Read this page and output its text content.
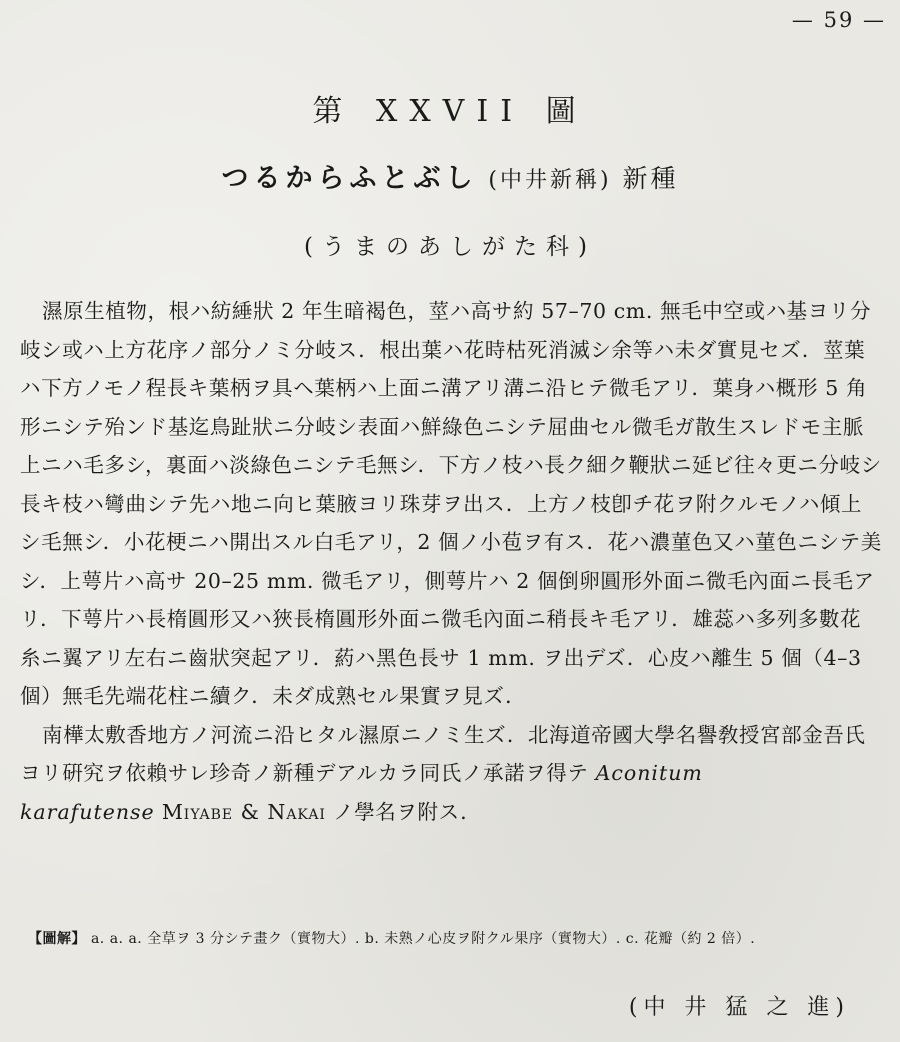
— 59 —
第 XXVII 圖
つるからふとぶし (中井新稱) 新種
(うまのあしがた科)

濕原生植物，根ハ紡綞狀 2 年生暗褐色，莖ハ高サ約 57–70 cm. 無毛中空或ハ基ヨリ分岐シ或ハ上方花序ノ部分ノミ分岐ス．根出葉ハ花時枯死消滅シ余等ハ未ダ實見セズ．莖葉ハ下方ノモノ程長キ葉柄ヲ具ヘ葉柄ハ上面ニ溝アリ溝ニ沿ヒテ微毛アリ．葉身ハ概形 5 角形ニシテ殆ンド基迄鳥趾狀ニ分岐シ表面ハ鮮綠色ニシテ屈曲セル微毛ガ散生スレドモ主脈上ニハ毛多シ，裏面ハ淡綠色ニシテ毛無シ．下方ノ枝ハ長ク細ク鞭狀ニ延ビ往々更ニ分岐シ長キ枝ハ彎曲シテ先ハ地ニ向ヒ葉腋ヨリ珠芽ヲ出ス．上方ノ枝卽チ花ヲ附クルモノハ傾上シ毛無シ．小花梗ニハ開出スル白毛アリ，2 個ノ小苞ヲ有ス．花ハ濃菫色又ハ菫色ニシテ美シ．上萼片ハ高サ 20–25 mm. 微毛アリ，側萼片ハ 2 個倒卵圓形外面ニ微毛內面ニ長毛アリ．下萼片ハ長楕圓形又ハ狹長楕圓形外面ニ微毛內面ニ稍長キ毛アリ．雄蕊ハ多列多數花糸ニ翼アリ左右ニ齒狀突起アリ．葯ハ黑色長サ 1 mm. ヲ出デズ．心皮ハ離生 5 個（4–3 個）無毛先端花柱ニ續ク．未ダ成熟セル果實ヲ見ズ．

南樺太敷香地方ノ河流ニ沿ヒタル濕原ニノミ生ズ．北海道帝國大學名譽敎授宮部金吾氏ヨリ硏究ヲ依賴サレ珍奇ノ新種デアルカラ同氏ノ承諾ヲ得テ Aconitumkarafutense Miyabe & Nakai ノ學名ヲ附ス．

【圖解】 a. a. a. 全草ヲ 3 分シテ畫ク（實物大）. b. 未熟ノ心皮ヲ附クル果序（實物大）. c. 花瓣（約 2 倍）.
(中 井 猛 之 進)
